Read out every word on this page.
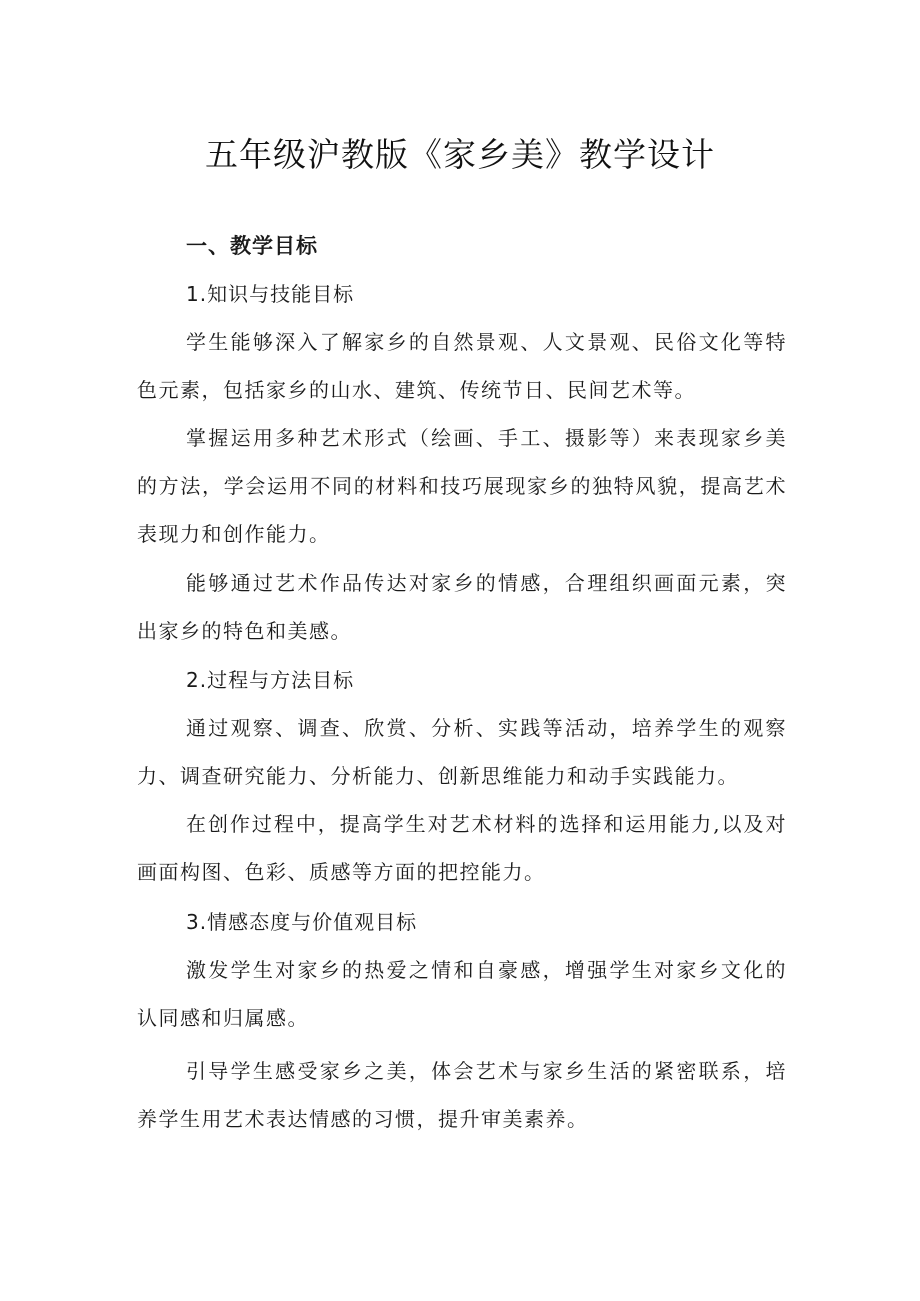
五年级沪教版《家乡美》教学设计
一、教学目标
1.知识与技能目标

学生能够深入了解家乡的自然景观、人文景观、民俗文化等特色元素，包括家乡的山水、建筑、传统节日、民间艺术等。

掌握运用多种艺术形式（绘画、手工、摄影等）来表现家乡美的方法，学会运用不同的材料和技巧展现家乡的独特风貌，提高艺术表现力和创作能力。

能够通过艺术作品传达对家乡的情感，合理组织画面元素，突出家乡的特色和美感。

2.过程与方法目标

通过观察、调查、欣赏、分析、实践等活动，培养学生的观察力、调查研究能力、分析能力、创新思维能力和动手实践能力。

在创作过程中，提高学生对艺术材料的选择和运用能力,以及对画面构图、色彩、质感等方面的把控能力。

3.情感态度与价值观目标

激发学生对家乡的热爱之情和自豪感，增强学生对家乡文化的认同感和归属感。

引导学生感受家乡之美，体会艺术与家乡生活的紧密联系，培养学生用艺术表达情感的习惯，提升审美素养。
